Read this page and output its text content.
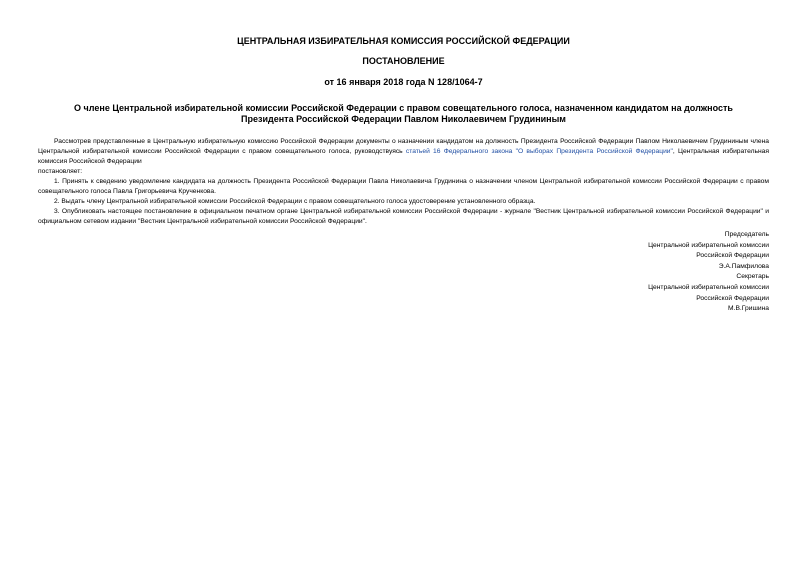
ЦЕНТРАЛЬНАЯ ИЗБИРАТЕЛЬНАЯ КОМИССИЯ РОССИЙСКОЙ ФЕДЕРАЦИИ
ПОСТАНОВЛЕНИЕ
от 16 января 2018 года N 128/1064-7
О члене Центральной избирательной комиссии Российской Федерации с правом совещательного голоса, назначенном кандидатом на должность Президента Российской Федерации Павлом Николаевичем Грудининым

Рассмотрев представленные в Центральную избирательную комиссию Российской Федерации документы о назначении кандидатом на должность Президента Российской Федерации Павлом Николаевичем Грудининым члена Центральной избирательной комиссии Российской Федерации с правом совещательного голоса, руководствуясь статьей 16 Федерального закона "О выборах Президента Российской Федерации", Центральная избирательная комиссия Российской Федерации

постановляет:

1. Принять к сведению уведомление кандидата на должность Президента Российской Федерации Павла Николаевича Грудинина о назначении членом Центральной избирательной комиссии Российской Федерации с правом совещательного голоса Павла Григорьевича Крученкова.

2. Выдать члену Центральной избирательной комиссии Российской Федерации с правом совещательного голоса удостоверение установленного образца.

3. Опубликовать настоящее постановление в официальном печатном органе Центральной избирательной комиссии Российской Федерации - журнале "Вестник Центральной избирательной комиссии Российской Федерации" и официальном сетевом издании "Вестник Центральной избирательной комиссии Российской Федерации".

Председатель
Центральной избирательной комиссии
Российской Федерации
Э.А.Памфилова
Секретарь
Центральной избирательной комиссии
Российской Федерации
М.В.Гришина
